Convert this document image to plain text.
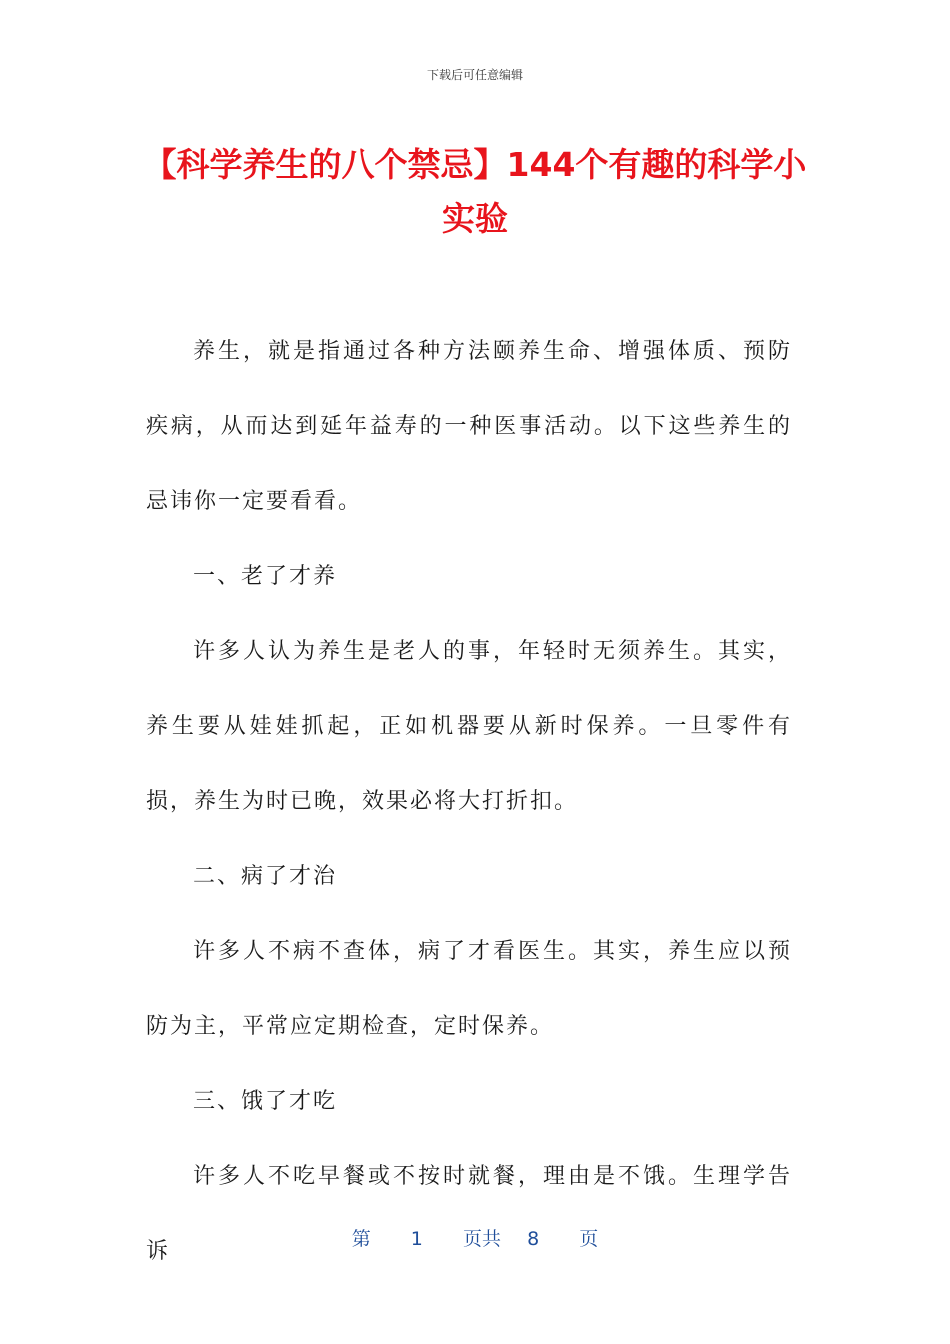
下载后可任意编辑
【科学养生的八个禁忌】144个有趣的科学小实验

养生，就是指通过各种方法颐养生命、增强体质、预防疾病，从而达到延年益寿的一种医事活动。以下这些养生的忌讳你一定要看看。

一、老了才养

许多人认为养生是老人的事，年轻时无须养生。其实，养生要从娃娃抓起，正如机器要从新时保养。一旦零件有损，养生为时已晚，效果必将大打折扣。

二、病了才治

许多人不病不查体，病了才看医生。其实，养生应以预防为主，平常应定期检查，定时保养。

三、饿了才吃

许多人不吃早餐或不按时就餐，理由是不饿。生理学告诉	第 1 页共 8 页
